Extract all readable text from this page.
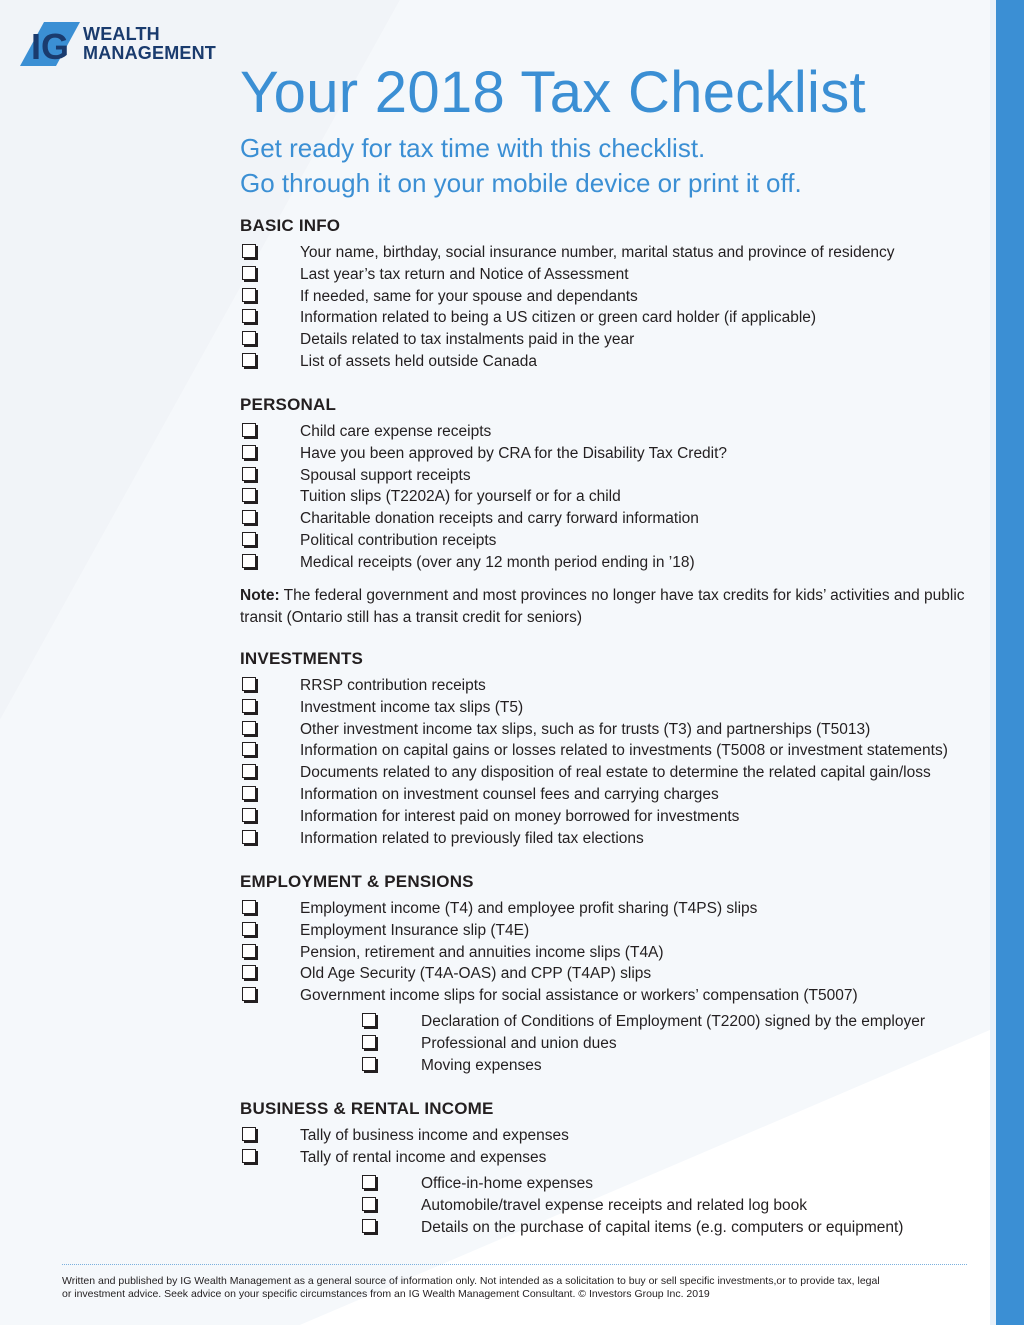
IG WEALTH
MANAGEMENT
Your 2018 Tax Checklist
Get ready for tax time with this checklist.
Go through it on your mobile device or print it off.
BASIC INFO
Your name, birthday, social insurance number, marital status and province of residency
Last year’s tax return and Notice of Assessment
If needed, same for your spouse and dependants
Information related to being a US citizen or green card holder (if applicable)
Details related to tax instalments paid in the year
List of assets held outside Canada
PERSONAL
Child care expense receipts
Have you been approved by CRA for the Disability Tax Credit?
Spousal support receipts
Tuition slips (T2202A) for yourself or for a child
Charitable donation receipts and carry forward information
Political contribution receipts
Medical receipts (over any 12 month period ending in ’18)
Note: The federal government and most provinces no longer have tax credits for kids’ activities and public transit (Ontario still has a transit credit for seniors)
INVESTMENTS
RRSP contribution receipts
Investment income tax slips (T5)
Other investment income tax slips, such as for trusts (T3) and partnerships (T5013)
Information on capital gains or losses related to investments (T5008 or investment statements)
Documents related to any disposition of real estate to determine the related capital gain/loss
Information on investment counsel fees and carrying charges
Information for interest paid on money borrowed for investments
Information related to previously filed tax elections
EMPLOYMENT & PENSIONS
Employment income (T4) and employee profit sharing (T4PS) slips
Employment Insurance slip (T4E)
Pension, retirement and annuities income slips (T4A)
Old Age Security (T4A-OAS) and CPP (T4AP) slips
Government income slips for social assistance or workers’ compensation (T5007)
Declaration of Conditions of Employment (T2200) signed by the employer
Professional and union dues
Moving expenses
BUSINESS & RENTAL INCOME
Tally of business income and expenses
Tally of rental income and expenses
Office-in-home expenses
Automobile/travel expense receipts and related log book
Details on the purchase of capital items (e.g. computers or equipment)
Written and published by IG Wealth Management as a general source of information only. Not intended as a solicitation to buy or sell specific investments,or to provide tax, legal
or investment advice. Seek advice on your specific circumstances from an IG Wealth Management Consultant. © Investors Group Inc. 2019
